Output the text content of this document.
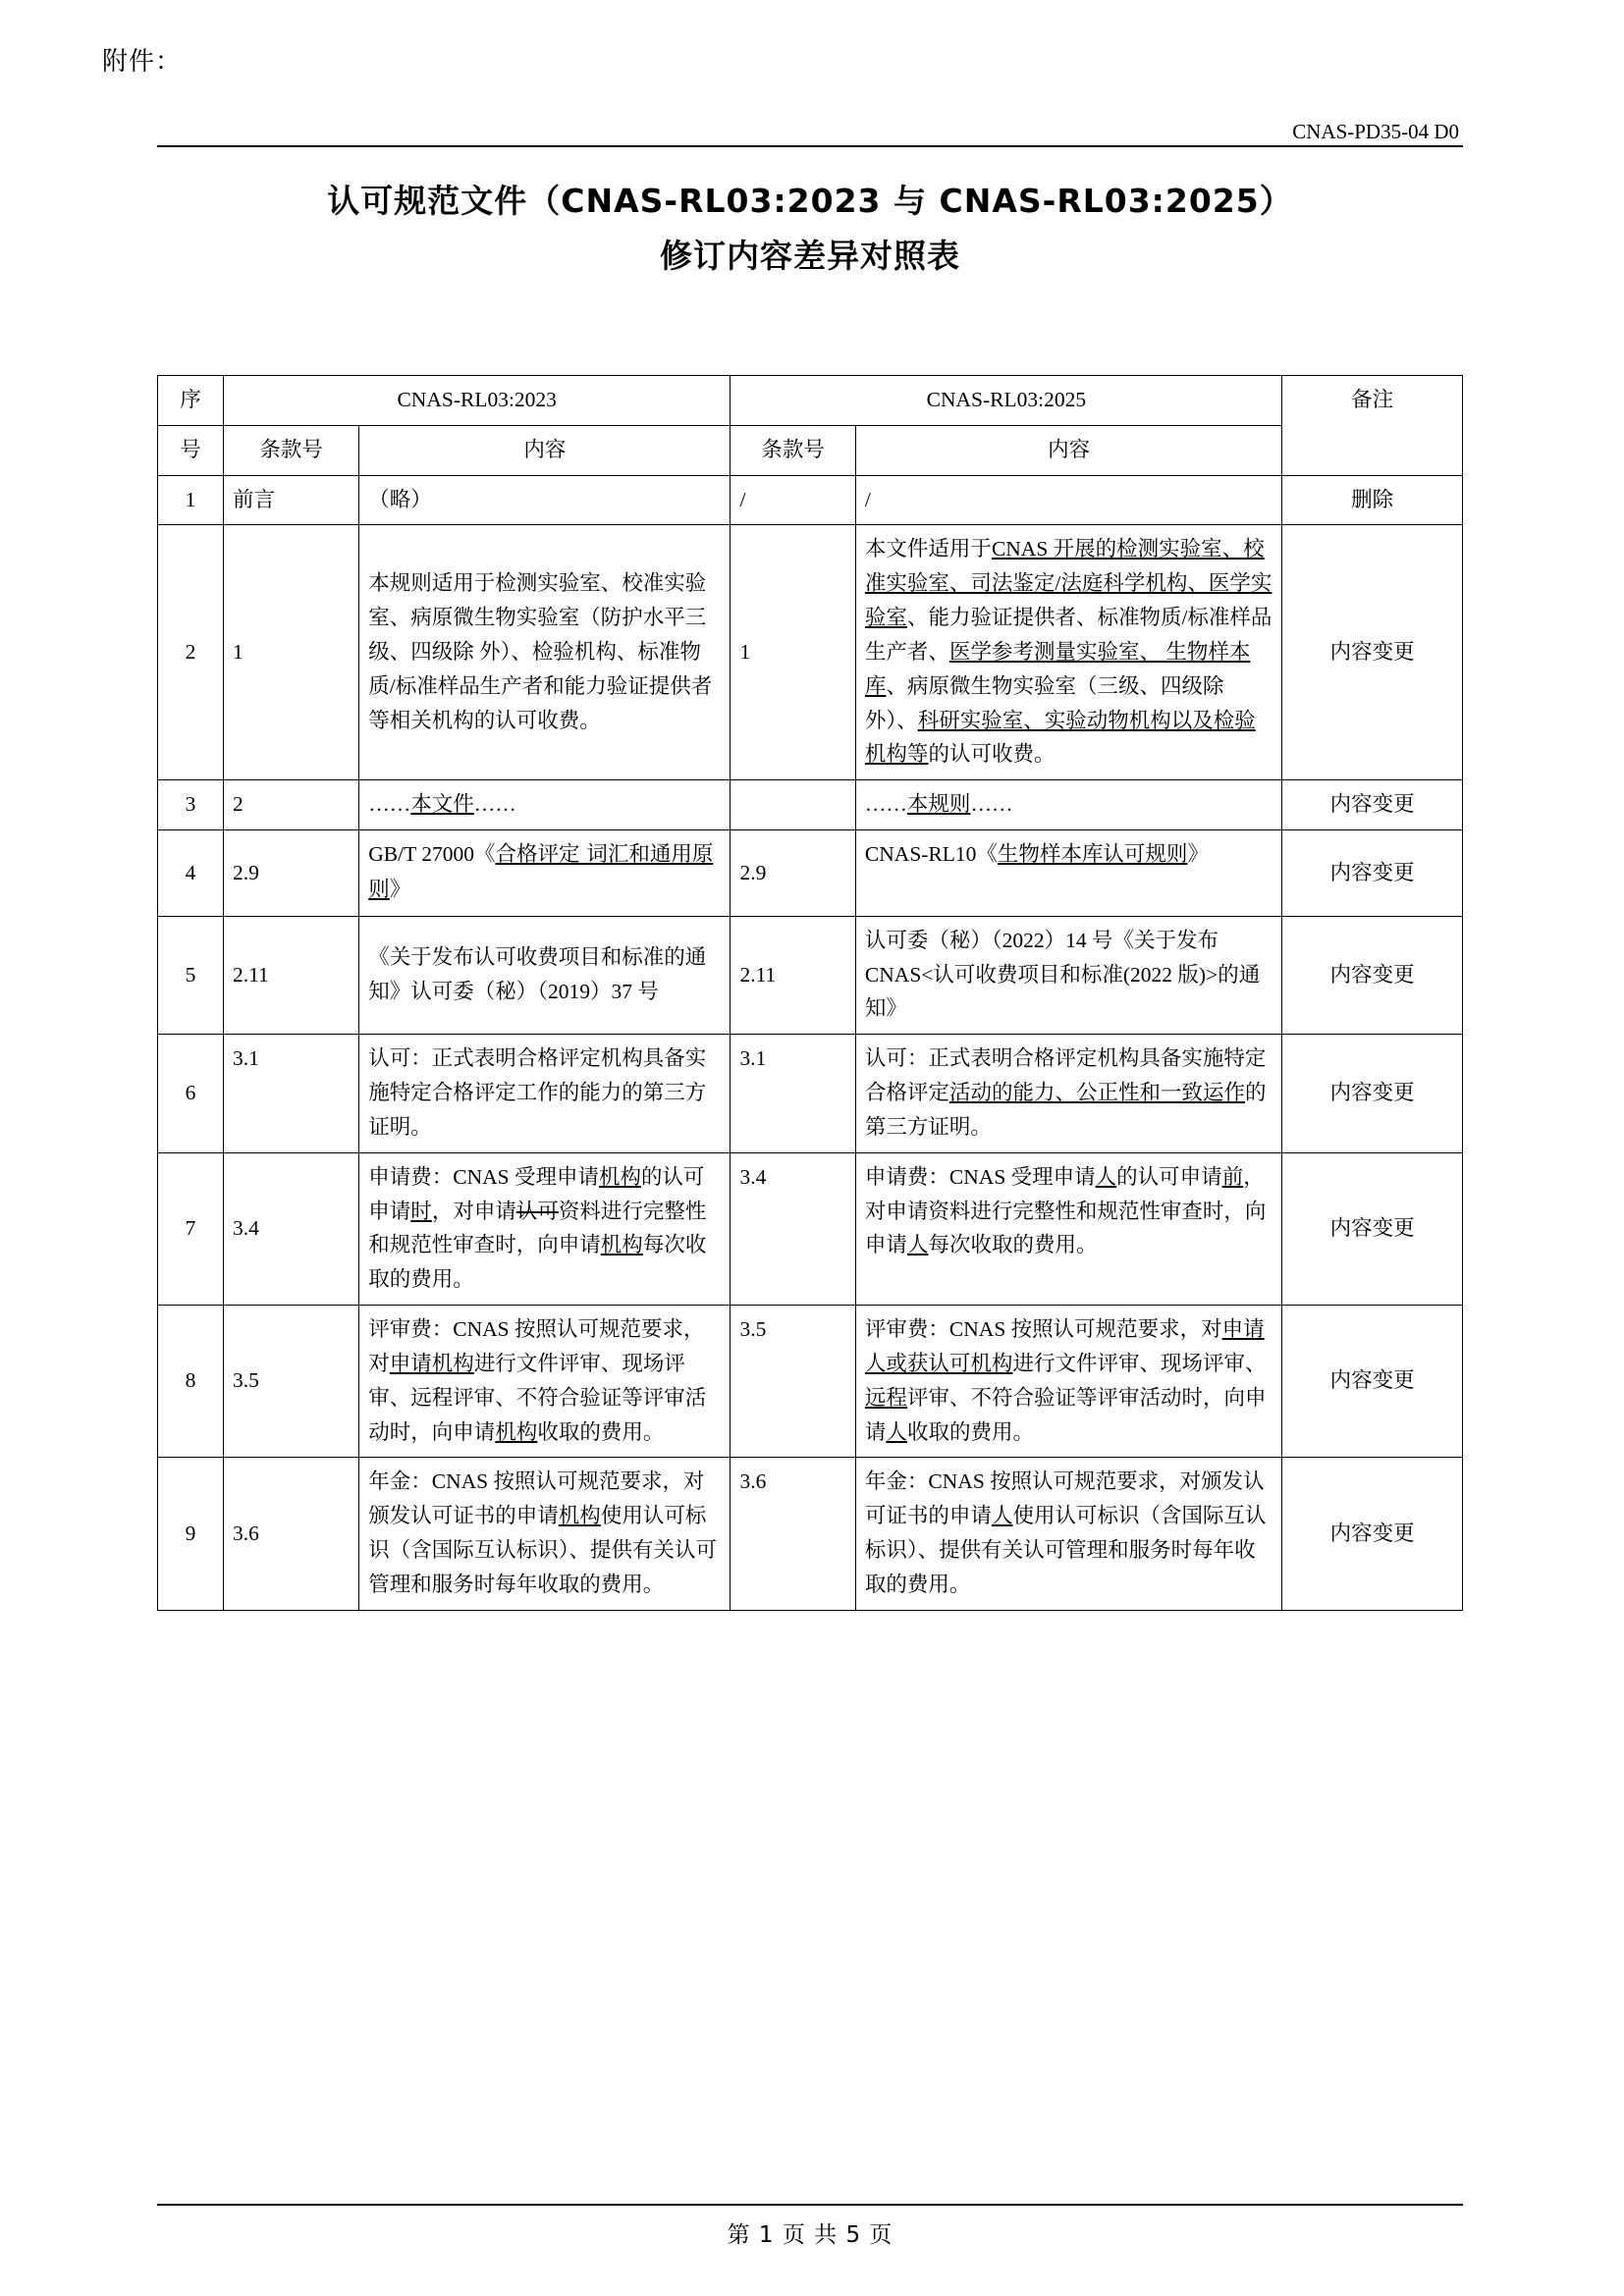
附件：
CNAS-PD35-04 D0
认可规范文件（CNAS-RL03:2023 与 CNAS-RL03:2025）
修订内容差异对照表
序	CNAS-RL03:2023		CNAS-RL03:2025		备注
号	条款号	内容	条款号	内容	
1	前言	（略）	/	/	删除
2	1	本规则适用于检测实验室、校准实验室、病原微生物实验室（防护水平三级、四级除 外）、检验机构、标准物质/标准样品生产者和能力验证提供者等相关机构的认可收费。	1	本文件适用于CNAS 开展的检测实验室、校准实验室、司法鉴定/法庭科学机构、医学实验室、能力验证提供者、标准物质/标准样品生产者、医学参考测量实验室、 生物样本库、病原微生物实验室（三级、四级除外）、科研实验室、实验动物机构以及检验机构等的认可收费。	内容变更
3	2	……本文件……		……本规则……	内容变更
4	2.9	GB/T 27000《合格评定 词汇和通用原则》	2.9	CNAS-RL10《生物样本库认可规则》	内容变更
5	2.11	《关于发布认可收费项目和标准的通知》认可委（秘）（2019）37 号	2.11	认可委（秘）（2022）14 号《关于发布 CNAS<认可收费项目和标准(2022 版)>的通知》	内容变更
6	3.1	认可：正式表明合格评定机构具备实施特定合格评定工作的能力的第三方证明。	3.1	认可：正式表明合格评定机构具备实施特定合格评定活动的能力、公正性和一致运作的第三方证明。	内容变更
7	3.4	申请费：CNAS 受理申请机构的认可申请时，对申请认可资料进行完整性和规范性审查时，向申请机构每次收取的费用。	3.4	申请费：CNAS 受理申请人的认可申请前，对申请资料进行完整性和规范性审查时，向申请人每次收取的费用。	内容变更
8	3.5	评审费：CNAS 按照认可规范要求，对申请机构进行文件评审、现场评审、远程评审、不符合验证等评审活动时，向申请机构收取的费用。	3.5	评审费：CNAS 按照认可规范要求，对申请人或获认可机构进行文件评审、现场评审、远程评审、不符合验证等评审活动时，向申请人收取的费用。	内容变更
9	3.6	年金：CNAS 按照认可规范要求，对颁发认可证书的申请机构使用认可标识（含国际互认标识）、提供有关认可管理和服务时每年收取的费用。	3.6	年金：CNAS 按照认可规范要求，对颁发认可证书的申请人使用认可标识（含国际互认标识）、提供有关认可管理和服务时每年收取的费用。	内容变更
第 1 页 共 5 页
